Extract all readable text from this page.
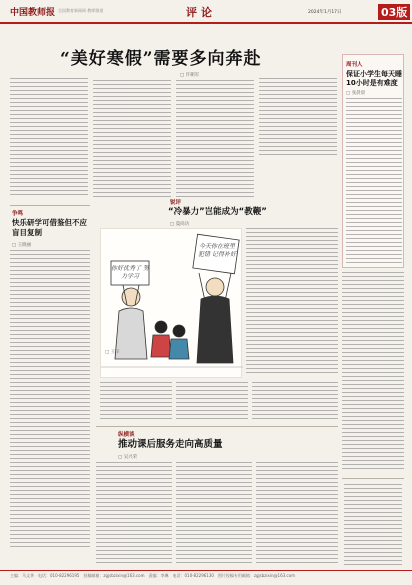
中国教师报 全国教育新闻网 教师频道	评论	2024年1月17日	03版
“美好寒假”需要多向奔赴
□ 许朝军
周刊人
保证小学生每天睡10小时是有难度
□ 张晨晨
争鸣
快乐研学可借鉴但不应盲目复制
□ 王晓丽
锐评
“冷暴力”岂能成为“教鞭”
□ 夏尚功
你好优秀了 努力学习
今天你在班里 犯错 记得补好
□ 王辛
纵横谈
推动课后服务走向高质量
□ 吴兴荣
主编：马文华　电话：010-82296195　投稿邮箱：zgjsbzixin@163.com　责编：李琳　电话：010-82296130　图片投稿专用邮箱：zgjsbzixin@163.com
